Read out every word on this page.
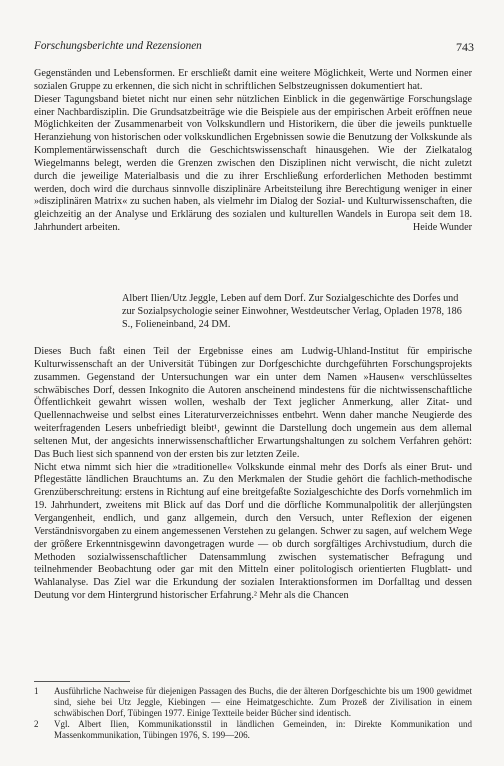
Forschungsberichte und Rezensionen	743

Gegenständen und Lebensformen. Er erschließt damit eine weitere Möglichkeit, Werte und Normen einer sozialen Gruppe zu erkennen, die sich nicht in schriftlichen Selbstzeugnissen dokumentiert hat.

Dieser Tagungsband bietet nicht nur einen sehr nützlichen Einblick in die gegenwärtige Forschungslage einer Nachbardisziplin. Die Grundsatzbeiträge wie die Beispiele aus der empirischen Arbeit eröffnen neue Möglichkeiten der Zusammenarbeit von Volkskundlern und Historikern, die über die jeweils punktuelle Heranziehung von historischen oder volkskundlichen Ergebnissen sowie die Benutzung der Volkskunde als Komplementärwissenschaft durch die Geschichtswissenschaft hinausgehen. Wie der Zielkatalog Wiegelmanns belegt, werden die Grenzen zwischen den Disziplinen nicht verwischt, die nicht zuletzt durch die jeweilige Materialbasis und die zu ihrer Erschließung erforderlichen Methoden bestimmt werden, doch wird die durchaus sinnvolle disziplinäre Arbeitsteilung ihre Berechtigung weniger in einer »disziplinären Matrix« zu suchen haben, als vielmehr im Dialog der Sozial- und Kulturwissenschaften, die gleichzeitig an der Analyse und Erklärung des sozialen und kulturellen Wandels in Europa seit dem 18. Jahrhundert arbeiten.	Heide Wunder

Albert Ilien/Utz Jeggle, Leben auf dem Dorf. Zur Sozialgeschichte des Dorfes und zur Sozialpsychologie seiner Einwohner, Westdeutscher Verlag, Opladen 1978, 186 S., Folieneinband, 24 DM.

Dieses Buch faßt einen Teil der Ergebnisse eines am Ludwig-Uhland-Institut für empirische Kulturwissenschaft an der Universität Tübingen zur Dorfgeschichte durchgeführten Forschungsprojekts zusammen. Gegenstand der Untersuchungen war ein unter dem Namen »Hausen« verschlüsseltes schwäbisches Dorf, dessen Inkognito die Autoren anscheinend mindestens für die nichtwissenschaftliche Öffentlichkeit gewahrt wissen wollen, weshalb der Text jeglicher Anmerkung, aller Zitat- und Quellennachweise und selbst eines Literaturverzeichnisses entbehrt. Wenn daher manche Neugierde des weiterfragenden Lesers unbefriedigt bleibt¹, gewinnt die Darstellung doch ungemein aus dem allemal seltenen Mut, der angesichts innerwissenschaftlicher Erwartungshaltungen zu solchem Verfahren gehört: Das Buch liest sich spannend von der ersten bis zur letzten Zeile.

Nicht etwa nimmt sich hier die »traditionelle« Volkskunde einmal mehr des Dorfs als einer Brut- und Pflegestätte ländlichen Brauchtums an. Zu den Merkmalen der Studie gehört die fachlich-methodische Grenzüberschreitung: erstens in Richtung auf eine breitgefaßte Sozialgeschichte des Dorfs vornehmlich im 19. Jahrhundert, zweitens mit Blick auf das Dorf und die dörfliche Kommunalpolitik der allerjüngsten Vergangenheit, endlich, und ganz allgemein, durch den Versuch, unter Reflexion der eigenen Verständnisvorgaben zu einem angemessenen Verstehen zu gelangen. Schwer zu sagen, auf welchem Wege der größere Erkenntnisgewinn davongetragen wurde — ob durch sorgfältiges Archivstudium, durch die Methoden sozialwissenschaftlicher Datensammlung zwischen systematischer Befragung und teilnehmender Beobachtung oder gar mit den Mitteln einer politologisch orientierten Flugblatt- und Wahlanalyse. Das Ziel war die Erkundung der sozialen Interaktionsformen im Dorfalltag und dessen Deutung vor dem Hintergrund historischer Erfahrung.² Mehr als die Chancen

1	Ausführliche Nachweise für diejenigen Passagen des Buchs, die der älteren Dorfgeschichte bis um 1900 gewidmet sind, siehe bei Utz Jeggle, Kiebingen — eine Heimatgeschichte. Zum Prozeß der Zivilisation in einem schwäbischen Dorf, Tübingen 1977. Einige Textteile beider Bücher sind identisch.
2	Vgl. Albert Ilien, Kommunikationsstil in ländlichen Gemeinden, in: Direkte Kommunikation und Massenkommunikation, Tübingen 1976, S. 199—206.
